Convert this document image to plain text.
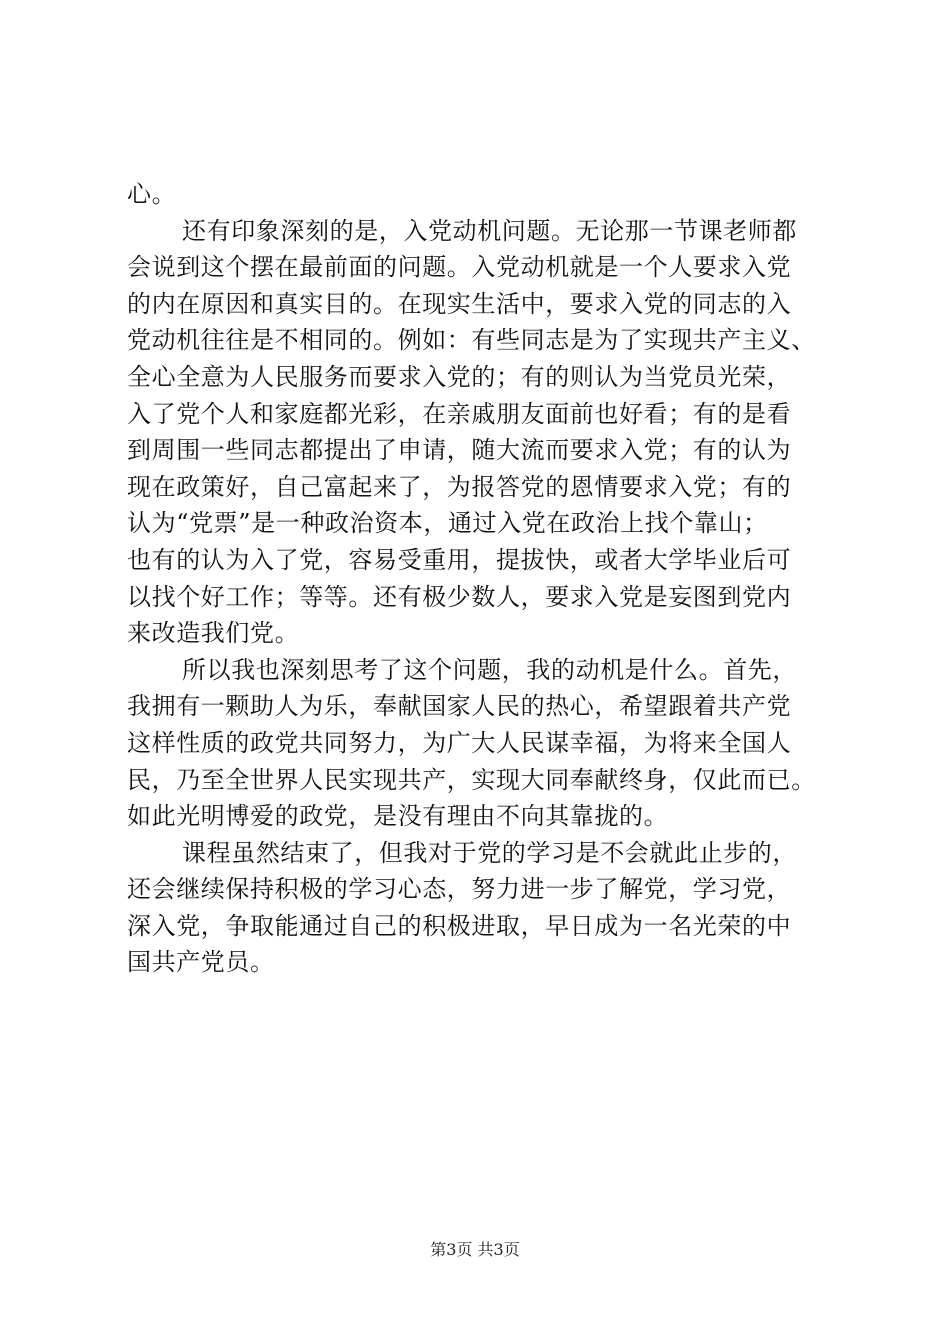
心。
还有印象深刻的是，入党动机问题。无论那一节课老师都
会说到这个摆在最前面的问题。入党动机就是一个人要求入党
的内在原因和真实目的。在现实生活中，要求入党的同志的入
党动机往往是不相同的。例如：有些同志是为了实现共产主义、
全心全意为人民服务而要求入党的；有的则认为当党员光荣，
入了党个人和家庭都光彩，在亲戚朋友面前也好看；有的是看
到周围一些同志都提出了申请，随大流而要求入党；有的认为
现在政策好，自己富起来了，为报答党的恩情要求入党；有的
认为“党票”是一种政治资本，通过入党在政治上找个靠山；
也有的认为入了党，容易受重用，提拔快，或者大学毕业后可
以找个好工作；等等。还有极少数人，要求入党是妄图到党内
来改造我们党。
所以我也深刻思考了这个问题，我的动机是什么。首先，
我拥有一颗助人为乐，奉献国家人民的热心，希望跟着共产党
这样性质的政党共同努力，为广大人民谋幸福，为将来全国人
民，乃至全世界人民实现共产，实现大同奉献终身，仅此而已。
如此光明博爱的政党，是没有理由不向其靠拢的。
课程虽然结束了，但我对于党的学习是不会就此止步的，
还会继续保持积极的学习心态，努力进一步了解党，学习党，
深入党，争取能通过自己的积极进取，早日成为一名光荣的中
国共产党员。
第3页 共3页
